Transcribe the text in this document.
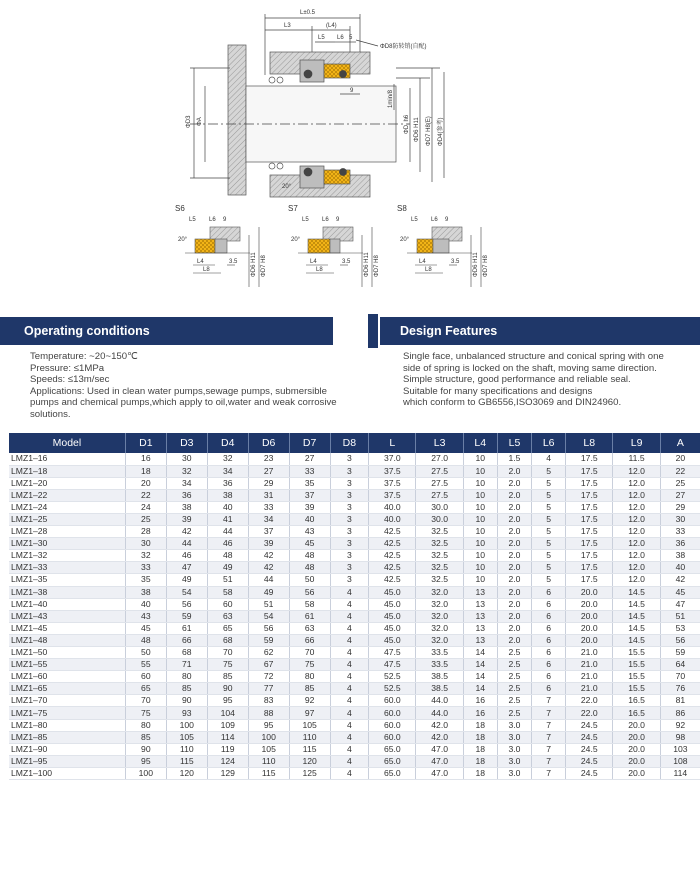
L±0.5
L3	(L4)
L5 L6 5
ΦD8防转销(自配)
ΦD3 ΦA
9	1min/8
ΦD, h6 ΦD6 H11 ΦD7 H8(E)	ΦD4(参考)
20°
S6
L5 L6 9
20°
L4
L8
3.5 ΦD6 H11 ΦD7 H8
S7
L5 L6 9
20°
L4
L8
3.5 ΦD6 H11 ΦD7 H8
S8
L5 L6 9
20°
L4
L8
3.5 ΦD6 H11 ΦD7 H8
Operating conditions	Design Features
Temperature: ~20~150℃
Pressure: ≤1MPa
Speeds: ≤13m/sec
Applications: Used in clean water pumps,sewage pumps, submersible pumps and chemical pumps,which apply to oil,water and weak corrosive solutions.
Single face, unbalanced structure and conical spring with one side of spring is locked on the shaft, moving same direction.
Simple structure, good performance and reliable seal.
Suitable for many specifications and designs
which conform to GB6556,ISO3069 and DIN24960.
Model	D1	D3	D4	D6	D7	D8	L	L3	L4	L5	L6	L8	L9	A
LMZ1–16	16	30	32	23	27	3	37.0	27.0	10	1.5	4	17.5	11.5	20
LMZ1–18	18	32	34	27	33	3	37.5	27.5	10	2.0	5	17.5	12.0	22
LMZ1–20	20	34	36	29	35	3	37.5	27.5	10	2.0	5	17.5	12.0	25
LMZ1–22	22	36	38	31	37	3	37.5	27.5	10	2.0	5	17.5	12.0	27
LMZ1–24	24	38	40	33	39	3	40.0	30.0	10	2.0	5	17.5	12.0	29
LMZ1–25	25	39	41	34	40	3	40.0	30.0	10	2.0	5	17.5	12.0	30
LMZ1–28	28	42	44	37	43	3	42.5	32.5	10	2.0	5	17.5	12.0	33
LMZ1–30	30	44	46	39	45	3	42.5	32.5	10	2.0	5	17.5	12.0	36
LMZ1–32	32	46	48	42	48	3	42.5	32.5	10	2.0	5	17.5	12.0	38
LMZ1–33	33	47	49	42	48	3	42.5	32.5	10	2.0	5	17.5	12.0	40
LMZ1–35	35	49	51	44	50	3	42.5	32.5	10	2.0	5	17.5	12.0	42
LMZ1–38	38	54	58	49	56	4	45.0	32.0	13	2.0	6	20.0	14.5	45
LMZ1–40	40	56	60	51	58	4	45.0	32.0	13	2.0	6	20.0	14.5	47
LMZ1–43	43	59	63	54	61	4	45.0	32.0	13	2.0	6	20.0	14.5	51
LMZ1–45	45	61	65	56	63	4	45.0	32.0	13	2.0	6	20.0	14.5	53
LMZ1–48	48	66	68	59	66	4	45.0	32.0	13	2.0	6	20.0	14.5	56
LMZ1–50	50	68	70	62	70	4	47.5	33.5	14	2.5	6	21.0	15.5	59
LMZ1–55	55	71	75	67	75	4	47.5	33.5	14	2.5	6	21.0	15.5	64
LMZ1–60	60	80	85	72	80	4	52.5	38.5	14	2.5	6	21.0	15.5	70
LMZ1–65	65	85	90	77	85	4	52.5	38.5	14	2.5	6	21.0	15.5	76
LMZ1–70	70	90	95	83	92	4	60.0	44.0	16	2.5	7	22.0	16.5	81
LMZ1–75	75	93	104	88	97	4	60.0	44.0	16	2.5	7	22.0	16.5	86
LMZ1–80	80	100	109	95	105	4	60.0	42.0	18	3.0	7	24.5	20.0	92
LMZ1–85	85	105	114	100	110	4	60.0	42.0	18	3.0	7	24.5	20.0	98
LMZ1–90	90	110	119	105	115	4	65.0	47.0	18	3.0	7	24.5	20.0	103
LMZ1–95	95	115	124	110	120	4	65.0	47.0	18	3.0	7	24.5	20.0	108
LMZ1–100	100	120	129	115	125	4	65.0	47.0	18	3.0	7	24.5	20.0	114
